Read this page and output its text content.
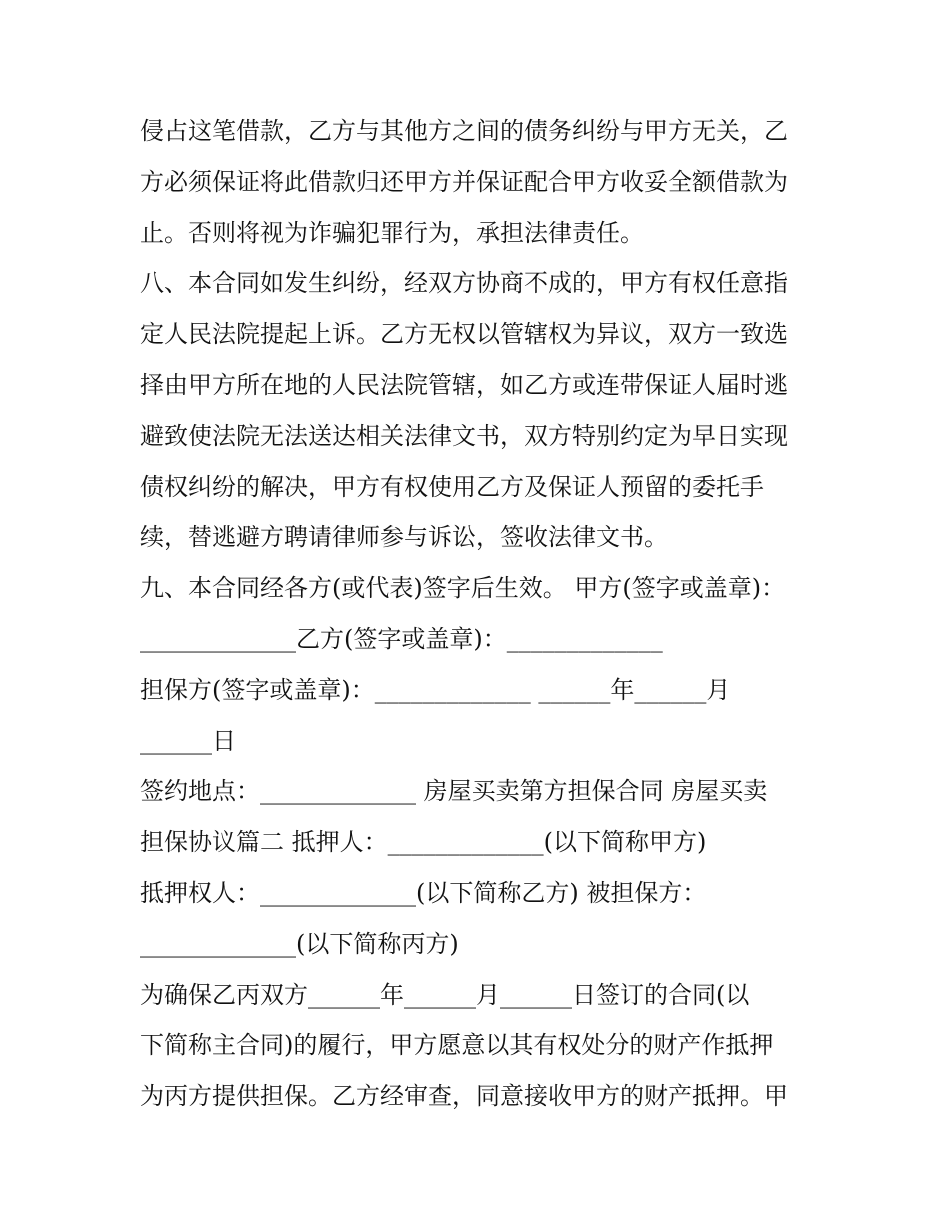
侵占这笔借款，乙方与其他方之间的债务纠纷与甲方无关，乙
方必须保证将此借款归还甲方并保证配合甲方收妥全额借款为
止。否则将视为诈骗犯罪行为，承担法律责任。
八、本合同如发生纠纷，经双方协商不成的，甲方有权任意指
定人民法院提起上诉。乙方无权以管辖权为异议，双方一致选
择由甲方所在地的人民法院管辖，如乙方或连带保证人届时逃
避致使法院无法送达相关法律文书，双方特别约定为早日实现
债权纠纷的解决，甲方有权使用乙方及保证人预留的委托手
续，替逃避方聘请律师参与诉讼，签收法律文书。
九、本合同经各方(或代表)签字后生效。 甲方(签字或盖章)：
_____________乙方(签字或盖章)：_____________
担保方(签字或盖章)：_____________ ______年______月
______日
签约地点：_____________ 房屋买卖第方担保合同 房屋买卖
担保协议篇二 抵押人：_____________(以下简称甲方)
抵押权人：_____________(以下简称乙方) 被担保方：
_____________(以下简称丙方)
为确保乙丙双方______年______月______日签订的合同(以
下简称主合同)的履行，甲方愿意以其有权处分的财产作抵押
为丙方提供担保。乙方经审查，同意接收甲方的财产抵押。甲
